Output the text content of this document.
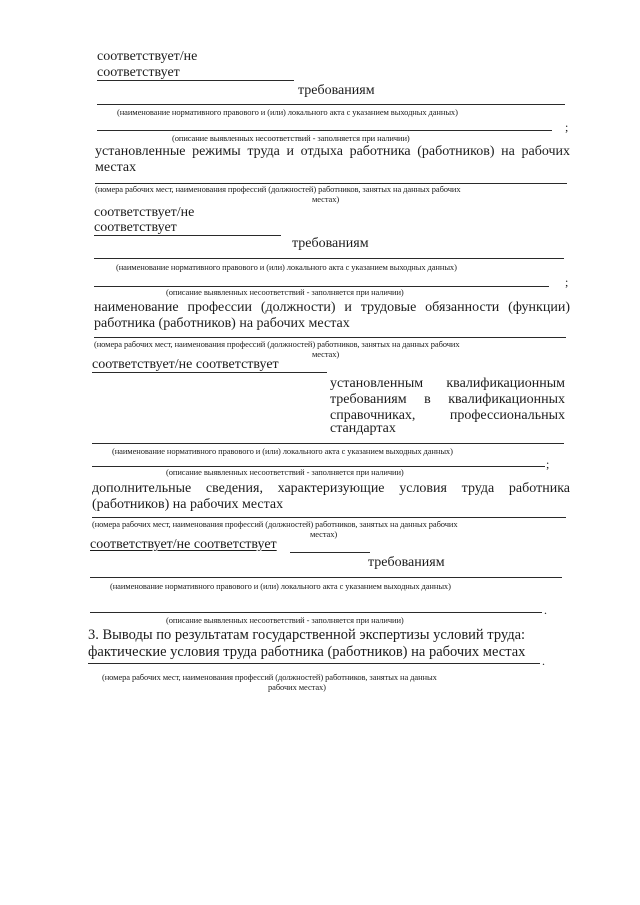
соответствует/не
соответствует
требованиям
(наименование нормативного правового и (или) локального акта с указанием выходных данных)
;
(описание выявленных несоответствий - заполняется при наличии)
установленные режимы труда и отдыха работника (работников) на рабочих местах
(номера рабочих мест, наименования профессий (должностей) работников, занятых на данных рабочих
местах)
соответствует/не
соответствует
требованиям
(наименование нормативного правового и (или) локального акта с указанием выходных данных)
;
(описание выявленных несоответствий - заполняется при наличии)
наименование профессии (должности) и трудовые обязанности (функции) работника (работников) на рабочих местах
(номера рабочих мест, наименования профессий (должностей) работников, занятых на данных рабочих
местах)
соответствует/не соответствует
установленным квалификационным
требованиям в квалификационных
справочниках, профессиональных
стандартах
(наименование нормативного правового и (или) локального акта с указанием выходных данных)
;
(описание выявленных несоответствий - заполняется при наличии)
дополнительные сведения, характеризующие условия труда работника (работников) на рабочих местах
(номера рабочих мест, наименования профессий (должностей) работников, занятых на данных рабочих
местах)
соответствует/не соответствует
требованиям
(наименование нормативного правового и (или) локального акта с указанием выходных данных)
.
(описание выявленных несоответствий - заполняется при наличии)
3. Выводы по результатам государственной экспертизы условий труда:
фактические условия труда работника (работников) на рабочих местах
.
(номера рабочих мест, наименования профессий (должностей) работников, занятых на данных
рабочих местах)
